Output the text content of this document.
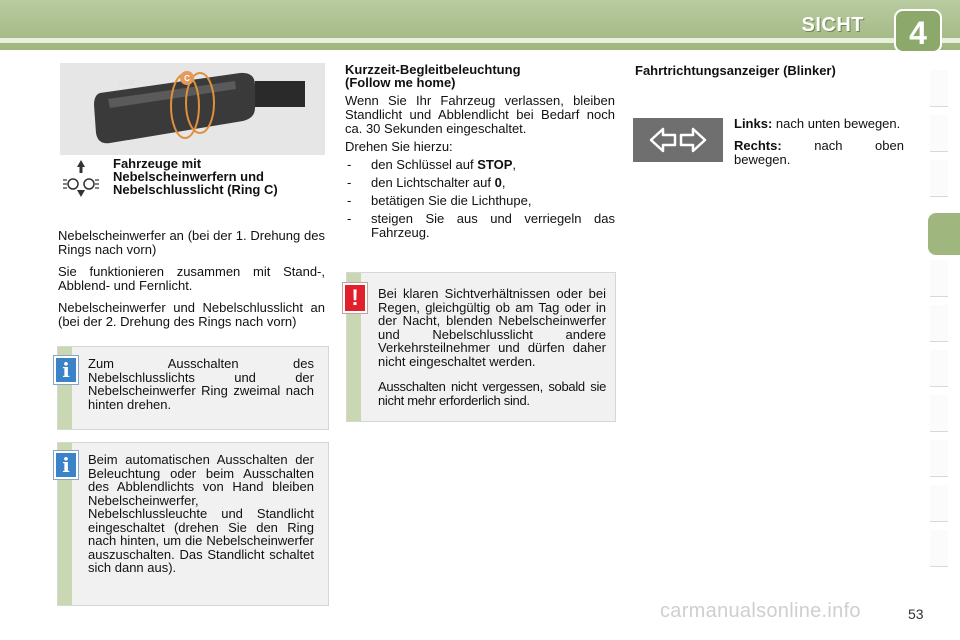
SICHT 4
AUTO
C
Fahrzeuge mit Nebelscheinwerfern und Nebelschlusslicht (Ring C)

Nebelscheinwerfer an (bei der 1. Drehung des Rings nach vorn)

Sie funktionieren zusammen mit Stand-, Abblend- und Fernlicht.

Nebelscheinwerfer und Nebelschlusslicht an (bei der 2. Drehung des Rings nach vorn)

Zum Ausschalten des Nebelschlusslichts und der Nebelscheinwerfer Ring zweimal nach hinten drehen.
i
Beim automatischen Ausschalten der Beleuchtung oder beim Ausschalten des Abblendlichts von Hand bleiben Nebelscheinwerfer, Nebelschlussleuchte und Standlicht eingeschaltet (drehen Sie den Ring nach hinten, um die Nebelscheinwerfer auszuschalten. Das Standlicht schaltet sich dann aus).
i
Kurzzeit-Begleitbeleuchtung (Follow me home)

Wenn Sie Ihr Fahrzeug verlassen, bleiben Standlicht und Abblendlicht bei Bedarf noch ca. 30 Sekunden eingeschaltet.

Drehen Sie hierzu:

- den Schlüssel auf STOP,
- den Lichtschalter auf 0,
- betätigen Sie die Lichthupe,
- steigen Sie aus und verriegeln das Fahrzeug.
Bei klaren Sichtverhältnissen oder bei Regen, gleichgültig ob am Tag oder in der Nacht, blenden Nebelscheinwerfer und Nebelschlusslicht andere Verkehrsteilnehmer und dürfen daher nicht eingeschaltet werden.
Ausschalten nicht vergessen, sobald sie nicht mehr erforderlich sind.
!
Fahrtrichtungsanzeiger (Blinker)

Links: nach unten bewegen.

Rechts:	nach oben bewegen.

carmanualsonline.info	53
